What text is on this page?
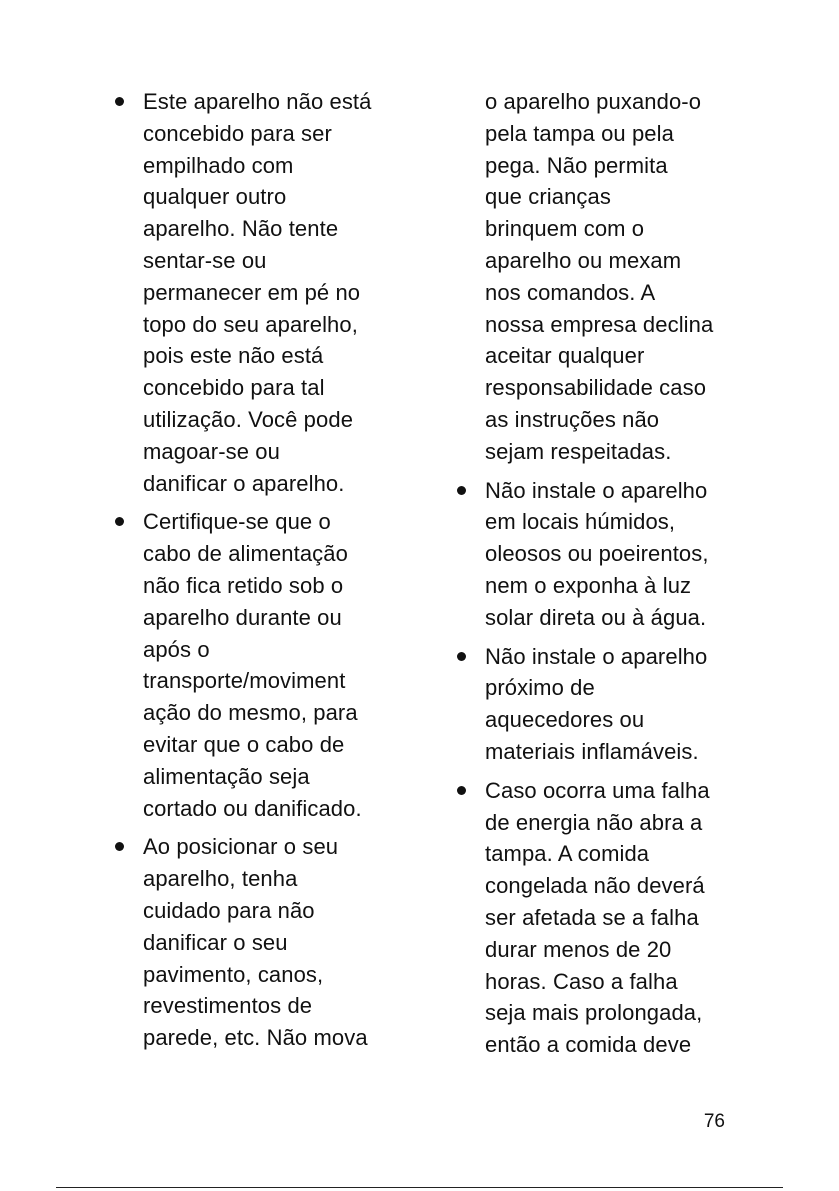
Este aparelho não está
concebido para ser
empilhado com
qualquer outro
aparelho. Não tente
sentar-se ou
permanecer em pé no
topo do seu aparelho,
pois este não está
concebido para tal
utilização. Você pode
magoar-se ou
danificar o aparelho.
Certifique-se que o
cabo de alimentação
não fica retido sob o
aparelho durante ou
após o
transporte/moviment
ação do mesmo, para
evitar que o cabo de
alimentação seja
cortado ou danificado.
Ao posicionar o seu
aparelho, tenha
cuidado para não
danificar o seu
pavimento, canos,
revestimentos de
parede, etc. Não mova
o aparelho puxando-o
pela tampa ou pela
pega. Não permita
que crianças
brinquem com o
aparelho ou mexam
nos comandos. A
nossa empresa declina
aceitar qualquer
responsabilidade caso
as instruções não
sejam respeitadas.
Não instale o aparelho
em locais húmidos,
oleosos ou poeirentos,
nem o exponha à luz
solar direta ou à água.
Não instale o aparelho
próximo de
aquecedores ou
materiais inflamáveis.
Caso ocorra uma falha
de energia não abra a
tampa. A comida
congelada não deverá
ser afetada se a falha
durar menos de 20
horas. Caso a falha
seja mais prolongada,
então a comida deve
76
